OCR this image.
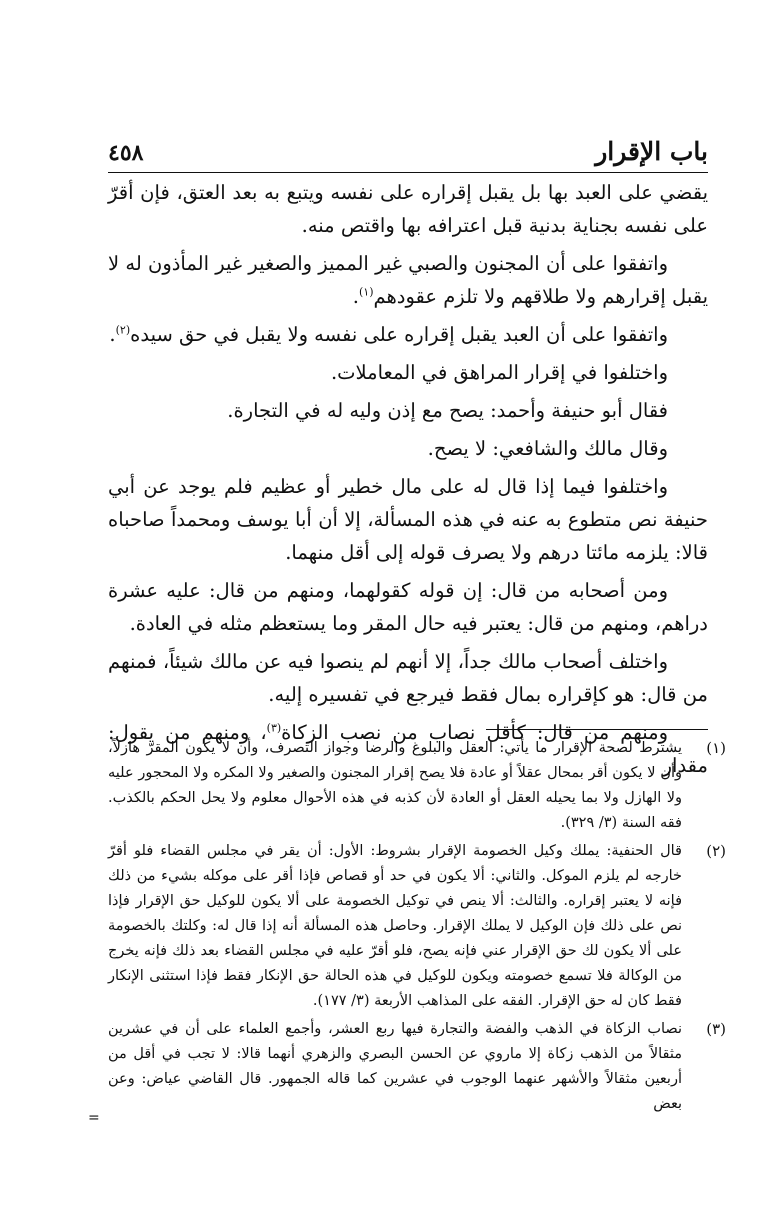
باب الإقرار
٤٥٨

يقضي على العبد بها بل يقبل إقراره على نفسه ويتبع به بعد العتق، فإن أقرّ على نفسه بجناية بدنية قبل اعترافه بها واقتص منه.

واتفقوا على أن المجنون والصبي غير المميز والصغير غير المأذون له لا يقبل إقرارهم ولا طلاقهم ولا تلزم عقودهم$^{(١)}$.

واتفقوا على أن العبد يقبل إقراره على نفسه ولا يقبل في حق سيده$^{(٢)}$.

واختلفوا في إقرار المراهق في المعاملات.

فقال أبو حنيفة وأحمد: يصح مع إذن وليه له في التجارة.

وقال مالك والشافعي: لا يصح.

واختلفوا فيما إذا قال له على مال خطير أو عظيم فلم يوجد عن أبي حنيفة نص متطوع به عنه في هذه المسألة، إلا أن أبا يوسف ومحمداً صاحباه قالا: يلزمه مائتا درهم ولا يصرف قوله إلى أقل منهما.

ومن أصحابه من قال: إن قوله كقولهما، ومنهم من قال: عليه عشرة دراهم، ومنهم من قال: يعتبر فيه حال المقر وما يستعظم مثله في العادة.

واختلف أصحاب مالك جداً، إلا أنهم لم ينصوا فيه عن مالك شيئاً، فمنهم من قال: هو كإقراره بمال فقط فيرجع في تفسيره إليه.

ومنهم من قال: كأقل نصاب من نصب الزكاة$^{(٣)}$، ومنهم من يقول: مقدار

(١)
يشترط لصحة الإقرار ما يأتي: العقل والبلوغ والرضا وجواز التصرف، وأن لا يكون المقرّ هازلاً، وأن لا يكون أقر بمحال عقلاً أو عادة فلا يصح إقرار المجنون والصغير ولا المكره ولا المحجور عليه ولا الهازل ولا بما يحيله العقل أو العادة لأن كذبه في هذه الأحوال معلوم ولا يحل الحكم بالكذب. فقه السنة (٣/ ٣٢٩).
(٢)
قال الحنفية: يملك وكيل الخصومة الإقرار بشروط: الأول: أن يقر في مجلس القضاء فلو أقرّ خارجه لم يلزم الموكل. والثاني: ألا يكون في حد أو قصاص فإذا أقر على موكله بشيء من ذلك فإنه لا يعتبر إقراره. والثالث: ألا ينص في توكيل الخصومة على ألا يكون للوكيل حق الإقرار فإذا نص على ذلك فإن الوكيل لا يملك الإقرار. وحاصل هذه المسألة أنه إذا قال له: وكلتك بالخصومة على ألا يكون لك حق الإقرار عني فإنه يصح، فلو أقرّ عليه في مجلس القضاء بعد ذلك فإنه يخرج من الوكالة فلا تسمع خصومته ويكون للوكيل في هذه الحالة حق الإنكار فقط فإذا استثنى الإنكار فقط كان له حق الإقرار. الفقه على المذاهب الأربعة (٣/ ١٧٧).
(٣)
نصاب الزكاة في الذهب والفضة والتجارة فيها ربع العشر، وأجمع العلماء على أن في عشرين مثقالاً من الذهب زكاة إلا ماروي عن الحسن البصري والزهري أنهما قالا: لا تجب في أقل من أربعين مثقالاً والأشهر عنهما الوجوب في عشرين كما قاله الجمهور. قال القاضي عياض: وعن بعض
=
